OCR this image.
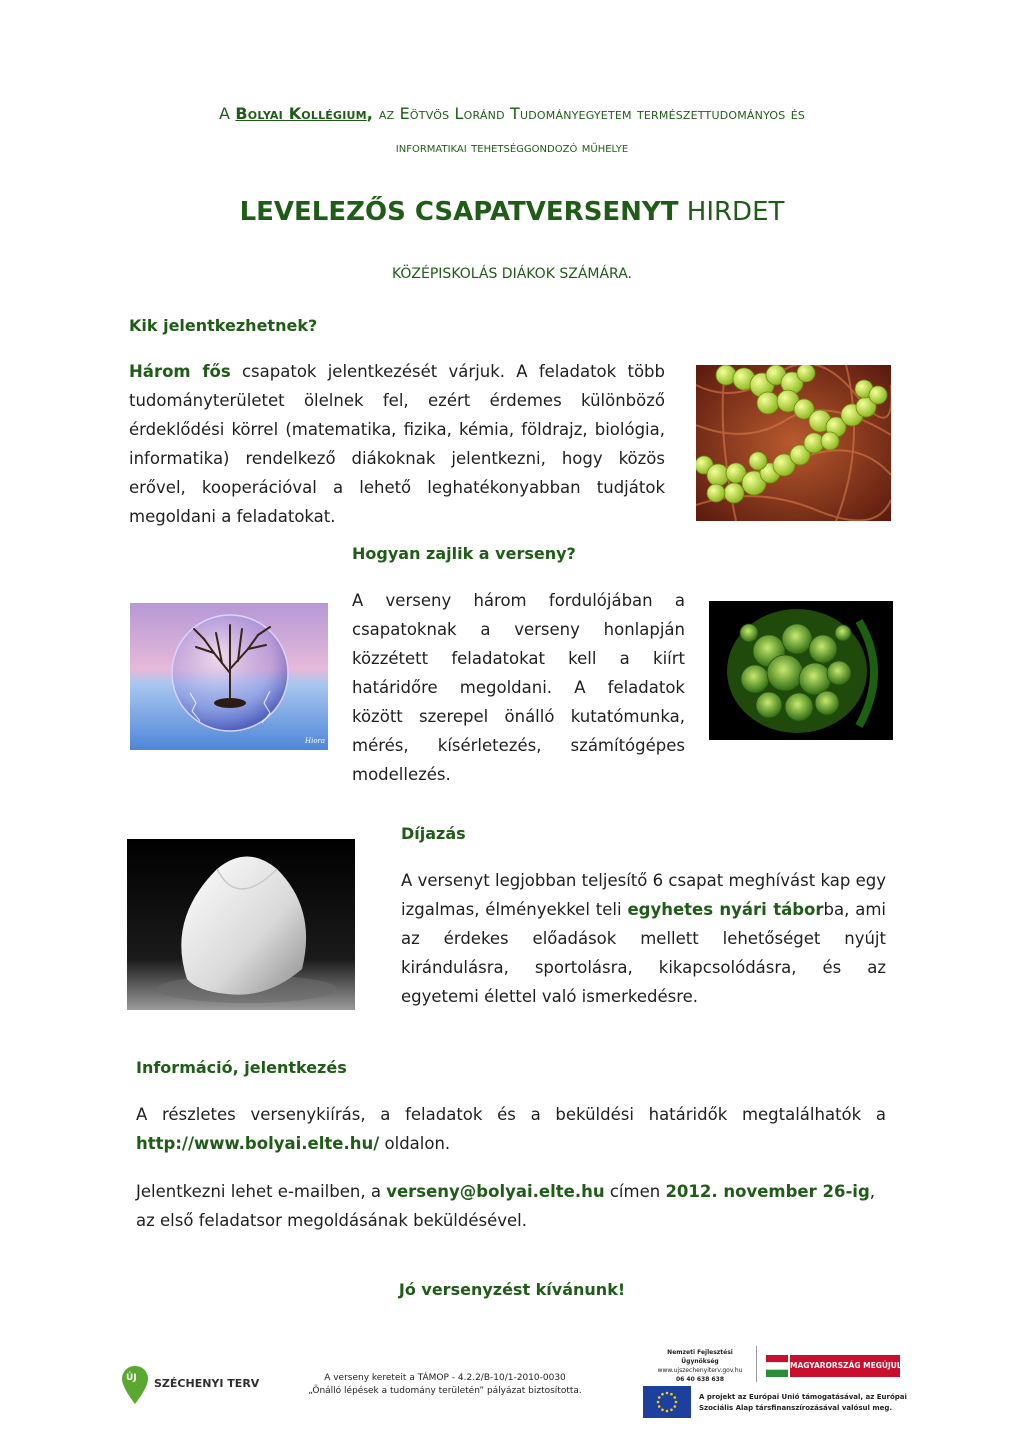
A Bolyai Kollégium, az Eötvös Loránd Tudományegyetem természettudományos és
informatikai tehetséggondozó műhelye
LEVELEZŐS CSAPATVERSENYT HIRDET
KÖZÉPISKOLÁS DIÁKOK SZÁMÁRA.
Kik jelentkezhetnek?
Három fős csapatok jelentkezését várjuk. A feladatok több tudományterületet ölelnek fel, ezért érdemes különböző érdeklődési körrel (matematika, fizika, kémia, földrajz, biológia, informatika) rendelkező diákoknak jelentkezni, hogy közös erővel, kooperációval a lehető leghatékonyabban tudjátok megoldani a feladatokat.
Hogyan zajlik a verseny?
A verseny három fordulójában a csapatoknak a verseny honlapján közzétett feladatokat kell a kiírt határidőre megoldani. A feladatok között szerepel önálló kutatómunka, mérés, kísérletezés, számítógépes modellezés.
Hiora
Díjazás
A versenyt legjobban teljesítő 6 csapat meghívást kap egy izgalmas, élményekkel teli egyhetes nyári táborba, ami az érdekes előadások mellett lehetőséget nyújt kirándulásra, sportolásra, kikapcsolódásra, és az egyetemi élettel való ismerkedésre.
Információ, jelentkezés
A részletes versenykiírás, a feladatok és a beküldési határidők megtalálhatók a http://www.bolyai.elte.hu/ oldalon.
Jelentkezni lehet e-mailben, a verseny@bolyai.elte.hu címen 2012. november 26-ig,
az első feladatsor megoldásának beküldésével.
Jó versenyzést kívánunk!
ÚJ SZÉCHENYI TERV	A verseny kereteit a TÁMOP - 4.2.2/B-10/1-2010-0030
„Önálló lépések a tudomány területén” pályázat biztosította.
Nemzeti Fejlesztési Ügynökség
www.ujszechenyiterv.gov.hu
06 40 638 638
MAGYARORSZÁG MEGÚJUL
A projekt az Európai Unió támogatásával, az Európai
Szociális Alap társfinanszírozásával valósul meg.
